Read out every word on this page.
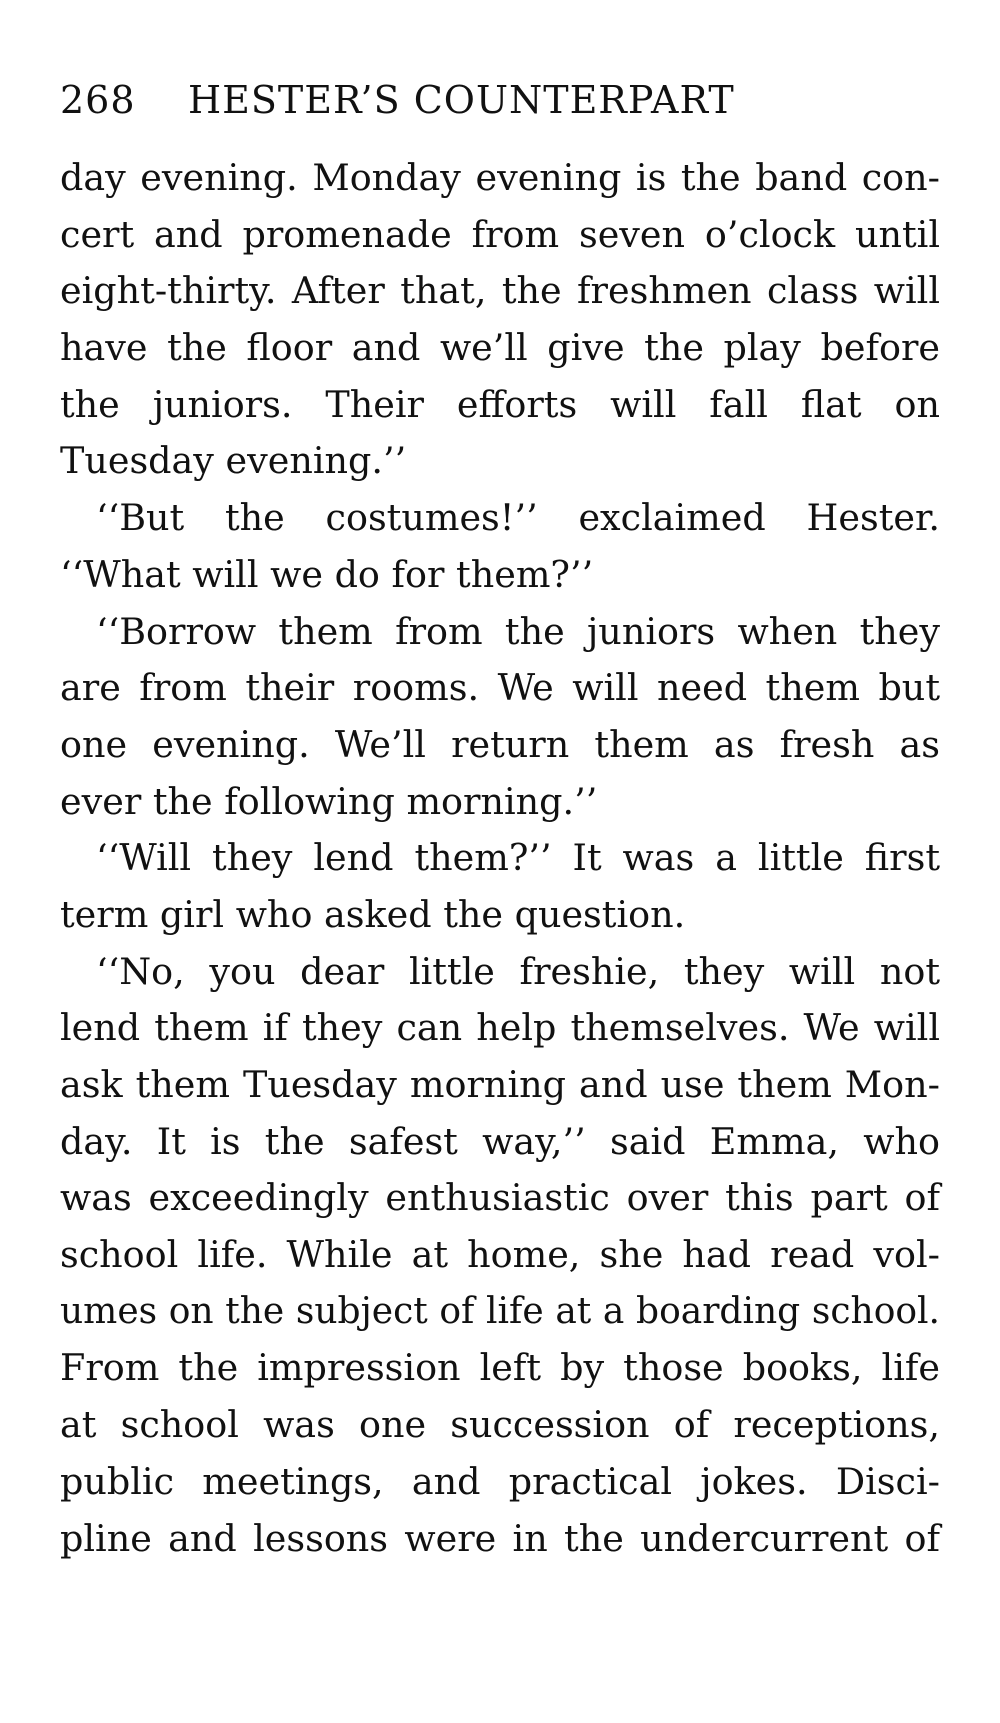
268 HESTER’S COUNTERPART
day evening. Monday evening is the band con-
cert and promenade from seven o’clock until
eight-thirty. After that, the freshmen class will
have the floor and we’ll give the play before
the juniors. Their efforts will fall flat on
Tuesday evening.’’
‘‘But the costumes!’’ exclaimed Hester.
‘‘What will we do for them?’’
‘‘Borrow them from the juniors when they
are from their rooms. We will need them but
one evening. We’ll return them as fresh as
ever the following morning.’’
‘‘Will they lend them?’’ It was a little first
term girl who asked the question.
‘‘No, you dear little freshie, they will not
lend them if they can help themselves. We will
ask them Tuesday morning and use them Mon-
day. It is the safest way,’’ said Emma, who
was exceedingly enthusiastic over this part of
school life. While at home, she had read vol-
umes on the subject of life at a boarding school.
From the impression left by those books, life
at school was one succession of receptions,
public meetings, and practical jokes. Disci-
pline and lessons were in the undercurrent of
